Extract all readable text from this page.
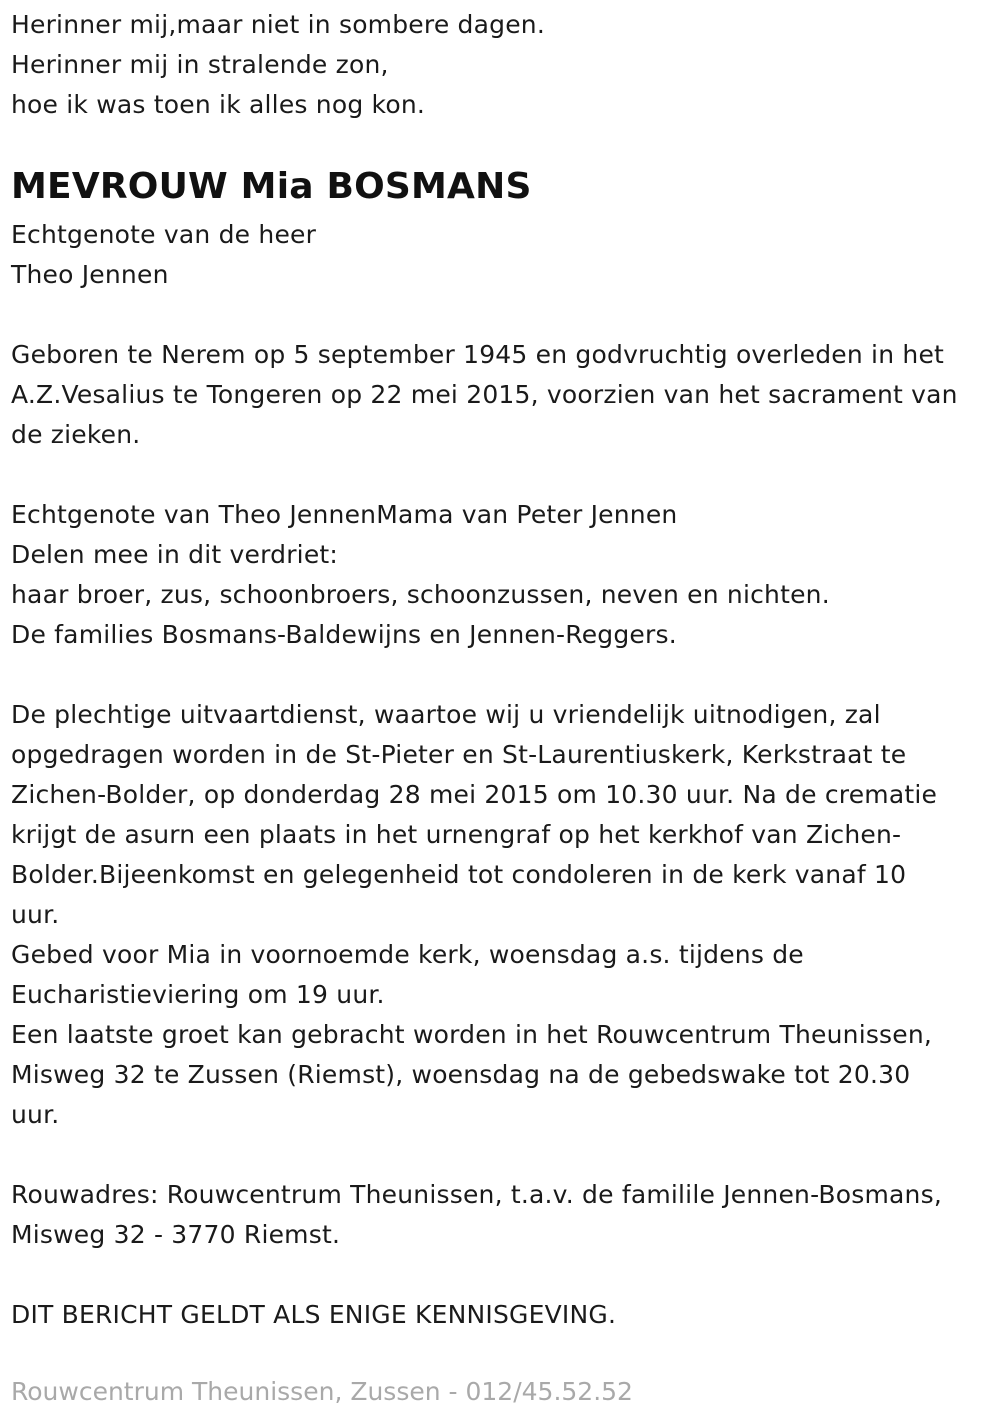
Herinner mij,maar niet in sombere dagen.
Herinner mij in stralende zon,
hoe ik was toen ik alles nog kon.
MEVROUW Mia BOSMANS
Echtgenote van de heer
Theo Jennen
Geboren te Nerem op 5 september 1945 en godvruchtig overleden in het
A.Z.Vesalius te Tongeren op 22 mei 2015, voorzien van het sacrament van
de zieken.
Echtgenote van Theo JennenMama van Peter Jennen
Delen mee in dit verdriet:
haar broer, zus, schoonbroers, schoonzussen, neven en nichten.
De families Bosmans-Baldewijns en Jennen-Reggers.
De plechtige uitvaartdienst, waartoe wij u vriendelijk uitnodigen, zal
opgedragen worden in de St-Pieter en St-Laurentiuskerk, Kerkstraat te
Zichen-Bolder, op donderdag 28 mei 2015 om 10.30 uur. Na de crematie
krijgt de asurn een plaats in het urnengraf op het kerkhof van Zichen-
Bolder.Bijeenkomst en gelegenheid tot condoleren in de kerk vanaf 10
uur.
Gebed voor Mia in voornoemde kerk, woensdag a.s. tijdens de
Eucharistieviering om 19 uur.
Een laatste groet kan gebracht worden in het Rouwcentrum Theunissen,
Misweg 32 te Zussen (Riemst), woensdag na de gebedswake tot 20.30
uur.
Rouwadres: Rouwcentrum Theunissen, t.a.v. de famililе Jennen-Bosmans,
Misweg 32 - 3770 Riemst.
DIT BERICHT GELDT ALS ENIGE KENNISGEVING.
Rouwcentrum Theunissen, Zussen - 012/45.52.52
